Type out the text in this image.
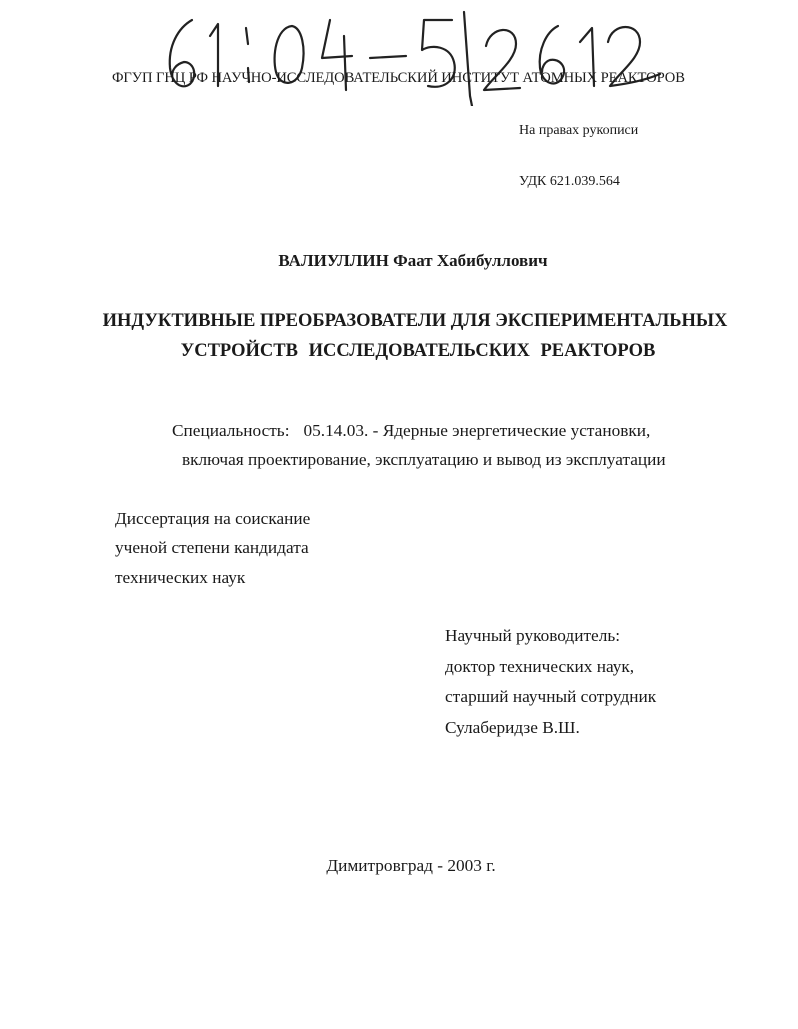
ФГУП ГНЦ РФ НАУЧНО-ИССЛЕДОВАТЕЛЬСКИЙ ИНСТИТУТ АТОМНЫХ РЕАКТОРОВ
На правах рукописи
УДК 621.039.564
ВАЛИУЛЛИН Фаат Хабибуллович
ИНДУКТИВНЫЕ ПРЕОБРАЗОВАТЕЛИ ДЛЯ ЭКСПЕРИМЕНТАЛЬНЫХ
УСТРОЙСТВ ИССЛЕДОВАТЕЛЬСКИХ РЕАКТОРОВ
Специальность: 05.14.03. - Ядерные энергетические установки,
включая проектирование, эксплуатацию и вывод из эксплуатации
Диссертация на соискание
ученой степени кандидата
технических наук
Научный руководитель:
доктор технических наук,
старший научный сотрудник
Сулаберидзе В.Ш.
Димитровград - 2003 г.
